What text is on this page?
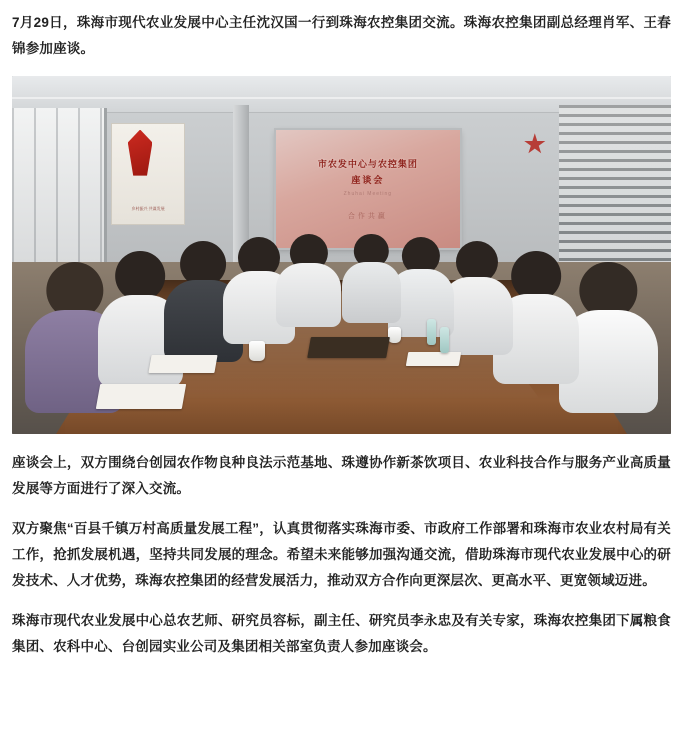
7月29日，珠海市现代农业发展中心主任沈汉国一行到珠海农控集团交流。珠海农控集团副总经理肖军、王春锦参加座谈。

乡村振兴 共谋发展
市农发中心与农控集团
座谈会
Zhuhai Meeting
合作共赢

座谈会上，双方围绕台创园农作物良种良法示范基地、珠遵协作新茶饮项目、农业科技合作与服务产业高质量发展等方面进行了深入交流。

双方聚焦“百县千镇万村高质量发展工程”，认真贯彻落实珠海市委、市政府工作部署和珠海市农业农村局有关工作，抢抓发展机遇，坚持共同发展的理念。希望未来能够加强沟通交流，借助珠海市现代农业发展中心的研发技术、人才优势，珠海农控集团的经营发展活力，推动双方合作向更深层次、更高水平、更宽领域迈进。

珠海市现代农业发展中心总农艺师、研究员容标，副主任、研究员李永忠及有关专家，珠海农控集团下属粮食集团、农科中心、台创园实业公司及集团相关部室负责人参加座谈会。
